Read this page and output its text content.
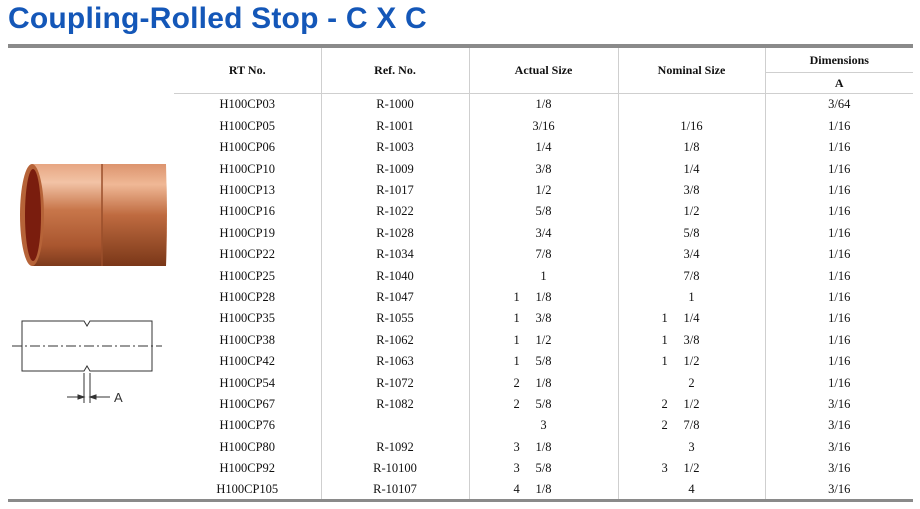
Coupling-Rolled Stop - C X C
A
RT No.	Ref. No.	Actual Size	Nominal Size	Dimensions
				A
H100CP03	R-1000	1/8		3/64
H100CP05	R-1001	3/16	1/16	1/16
H100CP06	R-1003	1/4	1/8	1/16
H100CP10	R-1009	3/8	1/4	1/16
H100CP13	R-1017	1/2	3/8	1/16
H100CP16	R-1022	5/8	1/2	1/16
H100CP19	R-1028	3/4	5/8	1/16
H100CP22	R-1034	7/8	3/4	1/16
H100CP25	R-1040	1	7/8	1/16
H100CP28	R-1047	1 1/8	1	1/16
H100CP35	R-1055	1 3/8	1 1/4	1/16
H100CP38	R-1062	1 1/2	1 3/8	1/16
H100CP42	R-1063	1 5/8	1 1/2	1/16
H100CP54	R-1072	2 1/8	2	1/16
H100CP67	R-1082	2 5/8	2 1/2	3/16
H100CP76		3	2 7/8	3/16
H100CP80	R-1092	3 1/8	3	3/16
H100CP92	R-10100	3 5/8	3 1/2	3/16
H100CP105	R-10107	4 1/8	4	3/16
